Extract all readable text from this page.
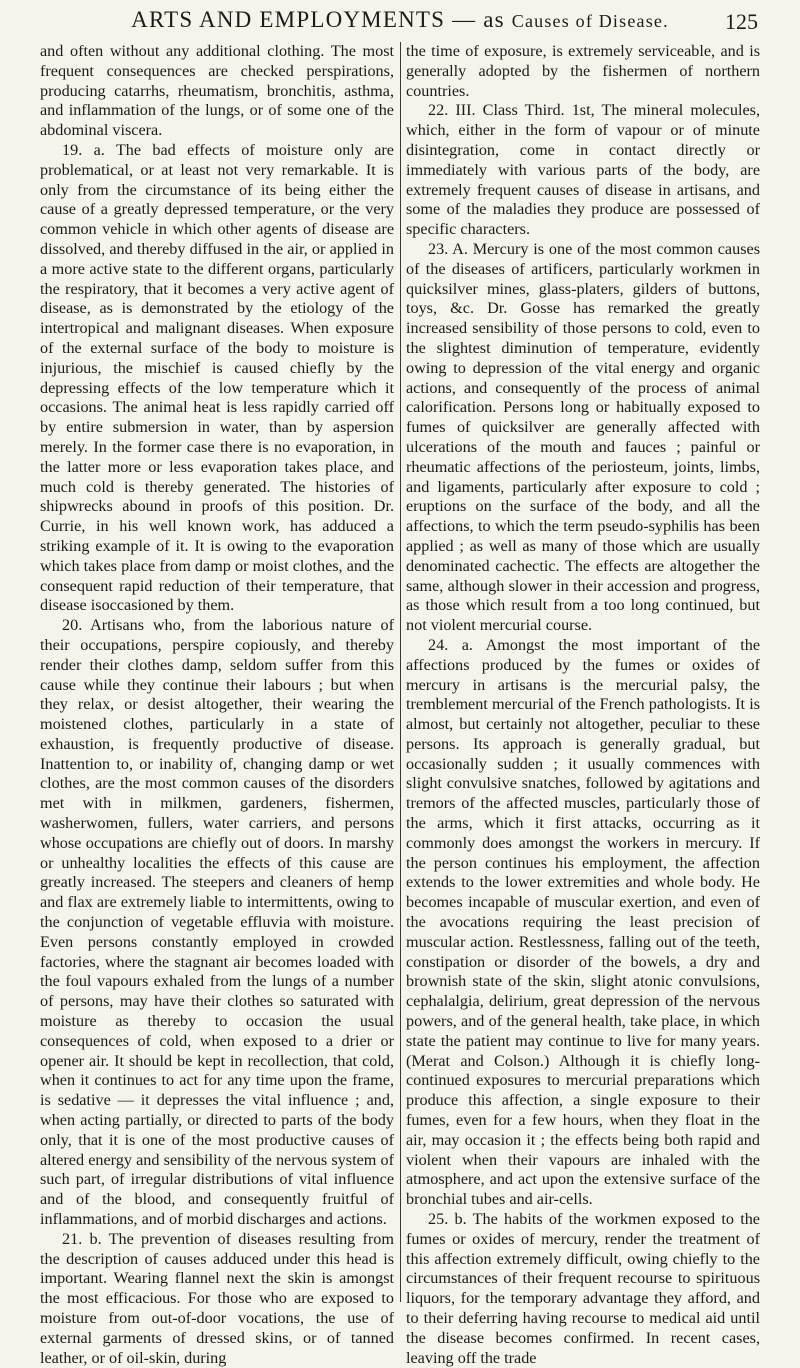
ARTS AND EMPLOYMENTS — as Causes of Disease.	125

and often without any additional clothing. The most frequent consequences are checked perspirations, producing catarrhs, rheumatism, bronchitis, asthma, and inflammation of the lungs, or of some one of the abdominal viscera.

19. a. The bad effects of moisture only are problematical, or at least not very remarkable. It is only from the circumstance of its being either the cause of a greatly depressed temperature, or the very common vehicle in which other agents of disease are dissolved, and thereby diffused in the air, or applied in a more active state to the different organs, particularly the respiratory, that it becomes a very active agent of disease, as is demonstrated by the etiology of the intertropical and malignant diseases. When exposure of the external surface of the body to moisture is injurious, the mischief is caused chiefly by the depressing effects of the low temperature which it occasions. The animal heat is less rapidly carried off by entire submersion in water, than by aspersion merely. In the former case there is no evaporation, in the latter more or less evaporation takes place, and much cold is thereby generated. The histories of shipwrecks abound in proofs of this position. Dr. Currie, in his well known work, has adduced a striking example of it. It is owing to the evaporation which takes place from damp or moist clothes, and the consequent rapid reduction of their temperature, that disease isoccasioned by them.

20. Artisans who, from the laborious nature of their occupations, perspire copiously, and thereby render their clothes damp, seldom suffer from this cause while they continue their labours ; but when they relax, or desist altogether, their wearing the moistened clothes, particularly in a state of exhaustion, is frequently productive of disease. Inattention to, or inability of, changing damp or wet clothes, are the most common causes of the disorders met with in milkmen, gardeners, fishermen, washerwomen, fullers, water carriers, and persons whose occupations are chiefly out of doors. In marshy or unhealthy localities the effects of this cause are greatly increased. The steepers and cleaners of hemp and flax are extremely liable to intermittents, owing to the conjunction of vegetable effluvia with moisture. Even persons constantly employed in crowded factories, where the stagnant air becomes loaded with the foul vapours exhaled from the lungs of a number of persons, may have their clothes so saturated with moisture as thereby to occasion the usual consequences of cold, when exposed to a drier or opener air. It should be kept in recollection, that cold, when it continues to act for any time upon the frame, is sedative — it depresses the vital influence ; and, when acting partially, or directed to parts of the body only, that it is one of the most productive causes of altered energy and sensibility of the nervous system of such part, of irregular distributions of vital influence and of the blood, and consequently fruitful of inflammations, and of morbid discharges and actions.

21. b. The prevention of diseases resulting from the description of causes adduced under this head is important. Wearing flannel next the skin is amongst the most efficacious. For those who are exposed to moisture from out-of-door vocations, the use of external garments of dressed skins, or of tanned leather, or of oil-skin, during

the time of exposure, is extremely serviceable, and is generally adopted by the fishermen of northern countries.

22. III. Class Third. 1st, The mineral molecules, which, either in the form of vapour or of minute disintegration, come in contact directly or immediately with various parts of the body, are extremely frequent causes of disease in artisans, and some of the maladies they produce are possessed of specific characters.

23. A. Mercury is one of the most common causes of the diseases of artificers, particularly workmen in quicksilver mines, glass-platers, gilders of buttons, toys, &c. Dr. Gosse has remarked the greatly increased sensibility of those persons to cold, even to the slightest diminution of temperature, evidently owing to depression of the vital energy and organic actions, and consequently of the process of animal calorification. Persons long or habitually exposed to fumes of quicksilver are generally affected with ulcerations of the mouth and fauces ; painful or rheumatic affections of the periosteum, joints, limbs, and ligaments, particularly after exposure to cold ; eruptions on the surface of the body, and all the affections, to which the term pseudo-syphilis has been applied ; as well as many of those which are usually denominated cachectic. The effects are altogether the same, although slower in their accession and progress, as those which result from a too long continued, but not violent mercurial course.

24. a. Amongst the most important of the affections produced by the fumes or oxides of mercury in artisans is the mercurial palsy, the tremblement mercurial of the French pathologists. It is almost, but certainly not altogether, peculiar to these persons. Its approach is generally gradual, but occasionally sudden ; it usually commences with slight convulsive snatches, followed by agitations and tremors of the affected muscles, particularly those of the arms, which it first attacks, occurring as it commonly does amongst the workers in mercury. If the person continues his employment, the affection extends to the lower extremities and whole body. He becomes incapable of muscular exertion, and even of the avocations requiring the least precision of muscular action. Restlessness, falling out of the teeth, constipation or disorder of the bowels, a dry and brownish state of the skin, slight atonic convulsions, cephalalgia, delirium, great depression of the nervous powers, and of the general health, take place, in which state the patient may continue to live for many years. (Merat and Colson.) Although it is chiefly long-continued exposures to mercurial preparations which produce this affection, a single exposure to their fumes, even for a few hours, when they float in the air, may occasion it ; the effects being both rapid and violent when their vapours are inhaled with the atmosphere, and act upon the extensive surface of the bronchial tubes and air-cells.

25. b. The habits of the workmen exposed to the fumes or oxides of mercury, render the treatment of this affection extremely difficult, owing chiefly to the circumstances of their frequent recourse to spirituous liquors, for the temporary advantage they afford, and to their deferring having recourse to medical aid until the disease becomes confirmed. In recent cases, leaving off the trade
